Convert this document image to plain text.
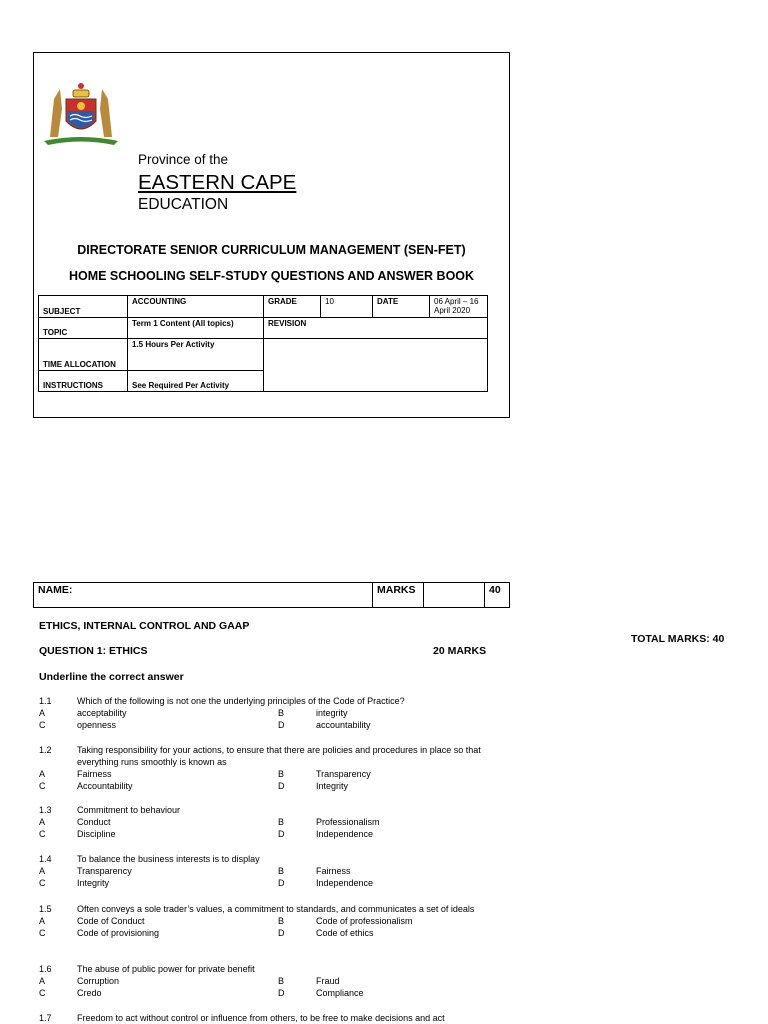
Province of the
EASTERN CAPE
EDUCATION
DIRECTORATE SENIOR CURRICULUM MANAGEMENT (SEN-FET)
HOME SCHOOLING SELF-STUDY QUESTIONS AND ANSWER BOOK
SUBJECT	ACCOUNTING	GRADE	10	DATE	06 April – 16 April 2020
TOPIC	Term 1 Content (All topics)	REVISION			
TIME ALLOCATION	1.5 Hours Per Activity				
INSTRUCTIONS	See Required Per Activity				
NAME:	MARKS		40
ETHICS, INTERNAL CONTROL AND GAAP
TOTAL MARKS: 40
QUESTION 1: ETHICS	20 MARKS
Underline the correct answer
1.1	Which of the following is not one the underlying principles of the Code of Practice?
A	acceptability	B	integrity
C	openness	D	accountability
1.2	Taking responsibility for your actions, to ensure that there are policies and procedures in place so that everything runs smoothly is known as
A	Fairness	B	Transparency
C	Accountability	D	Integrity
1.3	Commitment to behaviour
A	Conduct	B	Professionalism
C	Discipline	D	Independence
1.4	To balance the business interests is to display
A	Transparency	B	Fairness
C	Integrity	D	Independence
1.5	Often conveys a sole trader’s values, a commitment to standards, and communicates a set of ideals
A	Code of Conduct	B	Code of professionalism
C	Code of provisioning	D	Code of ethics
1.6	The abuse of public power for private benefit
A	Corruption	B	Fraud
C	Credo	D	Compliance
1.7	Freedom to act without control or influence from others, to be free to make decisions and act
